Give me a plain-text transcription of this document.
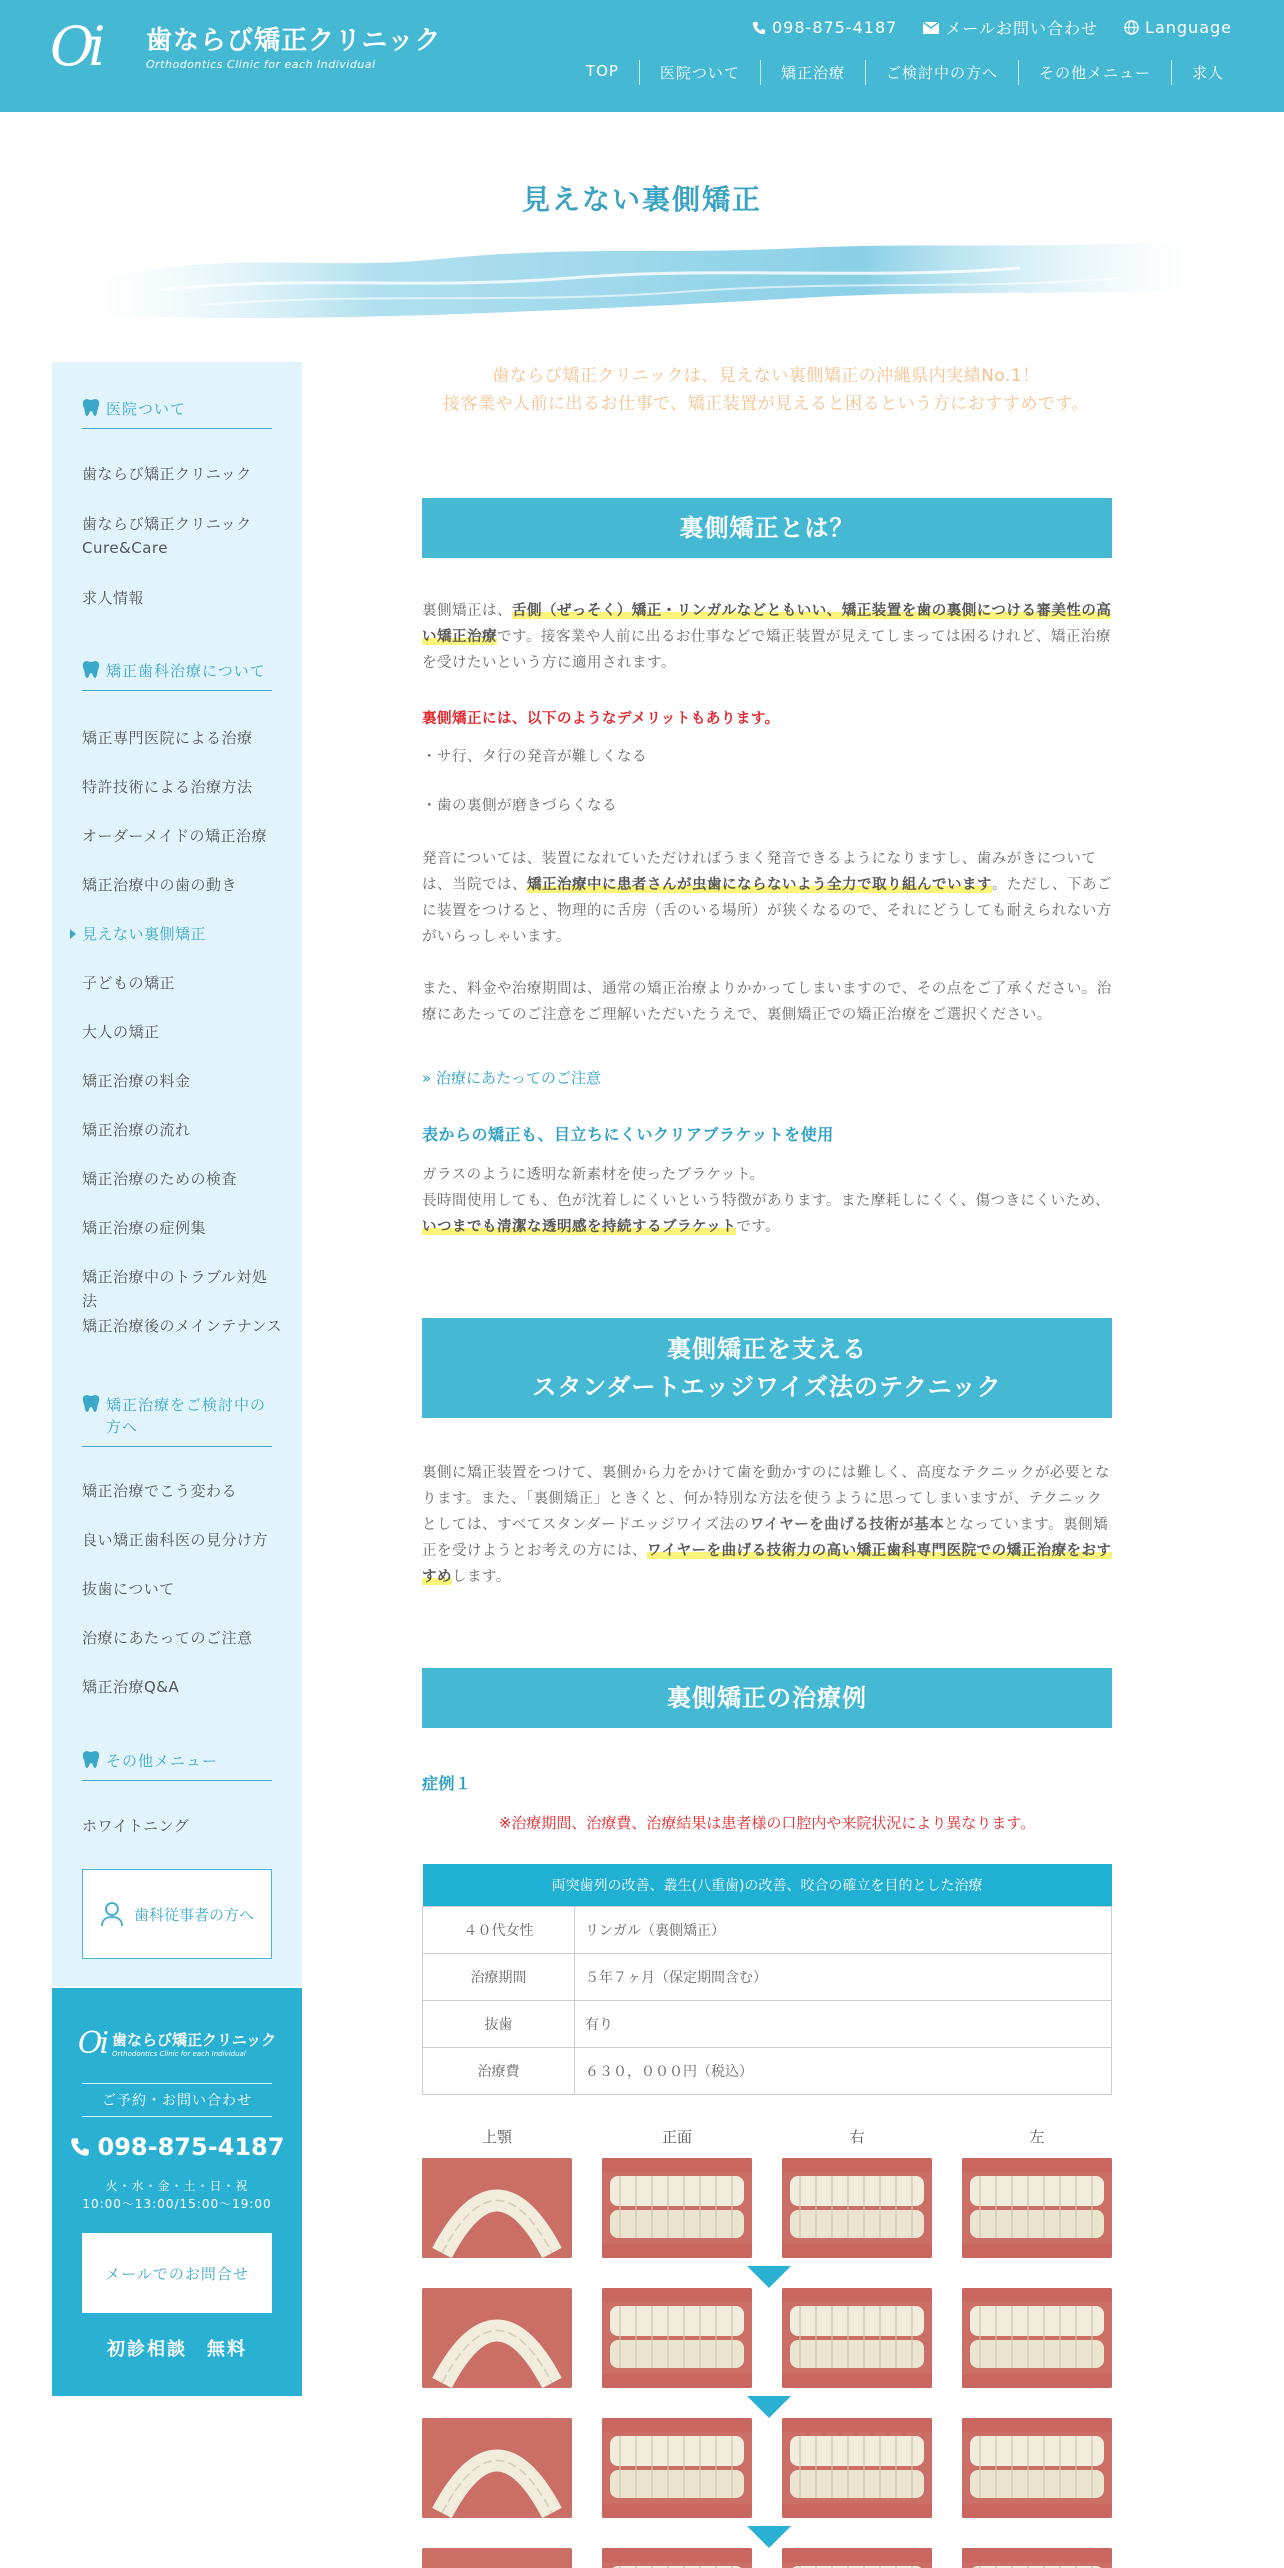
Oi	歯ならび矯正クリニック
Orthodontics Clinic for each Individual
098-875-4187	メールお問い合わせ	Language
TOP	医院ついて	矯正治療	ご検討中の方へ	その他メニュー	求人
見えない裏側矯正
医院ついて
歯ならび矯正クリニック
歯ならび矯正クリニック
Cure&Care
求人情報
矯正歯科治療について
矯正専門医院による治療
特許技術による治療方法
オーダーメイドの矯正治療
矯正治療中の歯の動き
見えない裏側矯正
子どもの矯正
大人の矯正
矯正治療の料金
矯正治療の流れ
矯正治療のための検査
矯正治療の症例集
矯正治療中のトラブル対処法
矯正治療後のメインテナンス
矯正治療をご検討中の
方へ
矯正治療でこう変わる
良い矯正歯科医の見分け方
抜歯について
治療にあたってのご注意
矯正治療Q&A
その他メニュー
ホワイトニング
歯科従事者の方へ
Oi 歯ならび矯正クリニック
Orthodontics Clinic for each Individual
ご予約・お問い合わせ
098-875-4187
火・水・金・土・日・祝
10:00～13:00/15:00～19:00
メールでのお問合せ
初診相談　無料
歯ならび矯正クリニックは、見えない裏側矯正の沖縄県内実績No.1！
接客業や人前に出るお仕事で、矯正装置が見えると困るという方におすすめです。
裏側矯正とは？

裏側矯正は、舌側（ぜっそく）矯正・リンガルなどともいい、矯正装置を歯の裏側につける審美性の高い矯正治療です。接客業や人前に出るお仕事などで矯正装置が見えてしまっては困るけれど、矯正治療を受けたいという方に適用されます。

裏側矯正には、以下のようなデメリットもあります。

・サ行、タ行の発音が難しくなる

・歯の裏側が磨きづらくなる

発音については、装置になれていただければうまく発音できるようになりますし、歯みがきについては、当院では、矯正治療中に患者さんが虫歯にならないよう全力で取り組んでいます。ただし、下あごに装置をつけると、物理的に舌房（舌のいる場所）が狭くなるので、それにどうしても耐えられない方がいらっしゃいます。

また、料金や治療期間は、通常の矯正治療よりかかってしまいますので、その点をご了承ください。治療にあたってのご注意をご理解いただいたうえで、裏側矯正での矯正治療をご選択ください。

» 治療にあたってのご注意
表からの矯正も、目立ちにくいクリアブラケットを使用

ガラスのように透明な新素材を使ったブラケット。
長時間使用しても、色が沈着しにくいという特徴があります。また摩耗しにくく、傷つきにくいため、いつまでも清潔な透明感を持続するブラケットです。

裏側矯正を支える
スタンダートエッジワイズ法のテクニック

裏側に矯正装置をつけて、裏側から力をかけて歯を動かすのには難しく、高度なテクニックが必要となります。また、「裏側矯正」ときくと、何か特別な方法を使うように思ってしまいますが、テクニックとしては、すべてスタンダードエッジワイズ法のワイヤーを曲げる技術が基本となっています。裏側矯正を受けようとお考えの方には、ワイヤーを曲げる技術力の高い矯正歯科専門医院での矯正治療をおすすめします。

裏側矯正の治療例
症例１

※治療期間、治療費、治療結果は患者様の口腔内や来院状況により異なります。

両突歯列の改善、叢生(八重歯)の改善、咬合の確立を目的とした治療	
４０代女性	リンガル（裏側矯正）
治療期間	５年７ヶ月（保定期間含む）
抜歯	有り
治療費	６３０，０００円（税込）
上顎	正面	右	左
